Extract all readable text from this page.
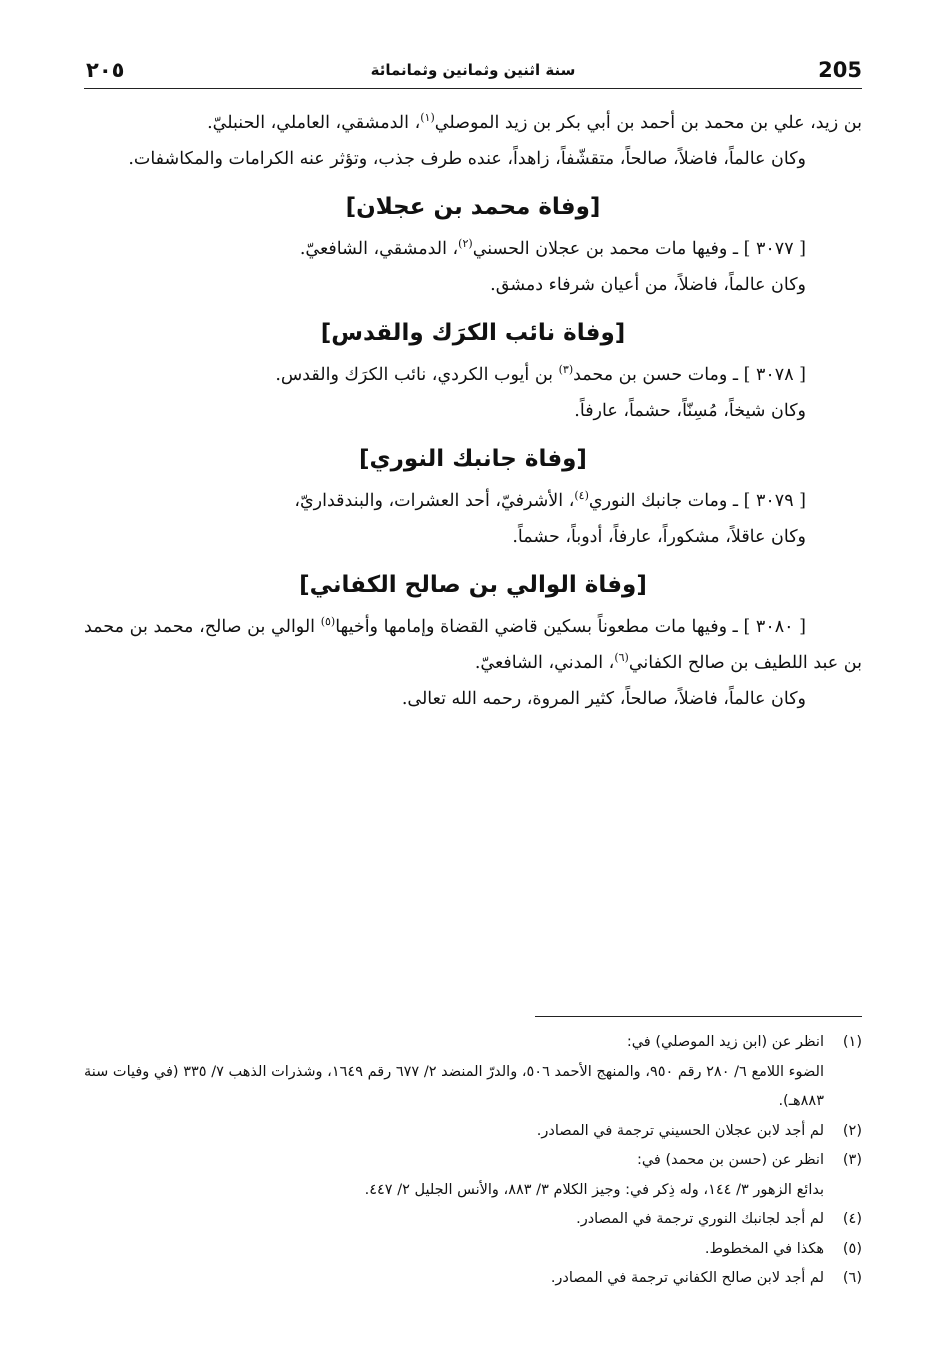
205
سنة اثنين وثمانين وثمانمائة
٢٠٥

بن زيد، علي بن محمد بن أحمد بن أبي بكر بن زيد الموصلي$^{(١)}$، الدمشقي، العاملي، الحنبليّ.

وكان عالماً، فاضلاً، صالحاً، متقشّفاً، زاهداً، عنده طرف جذب، وتؤثر عنه الكرامات والمكاشفات.

[وفاة محمد بن عجلان]

[ ٣٠٧٧ ] ـ وفيها مات محمد بن عجلان الحسني$^{(٢)}$، الدمشقي، الشافعيّ.

وكان عالماً، فاضلاً، من أعيان شرفاء دمشق.

[وفاة نائب الكرَك والقدس]

[ ٣٠٧٨ ] ـ ومات حسن بن محمد$^{(٣)}$ بن أيوب الكردي، نائب الكرَك والقدس.

وكان شيخاً، مُسِنّاً، حشماً، عارفاً.

[وفاة جانبك النوري]

[ ٣٠٧٩ ] ـ ومات جانبك النوري$^{(٤)}$، الأشرفيّ، أحد العشرات، والبندقداريّ،

وكان عاقلاً، مشكوراً، عارفاً، أدوباً، حشماً.

[وفاة الوالي بن صالح الكفاني]

[ ٣٠٨٠ ] ـ وفيها مات مطعوناً بسكين قاضي القضاة وإمامها وأخيها$^{(٥)}$ الوالي بن صالح، محمد بن محمد بن عبد اللطيف بن صالح الكفاني$^{(٦)}$، المدني، الشافعيّ.

وكان عالماً، فاضلاً، صالحاً، كثير المروة، رحمه الله تعالى.

(١)
انظر عن (ابن زيد الموصلي) في:
الضوء اللامع ٦/ ٢٨٠ رقم ٩٥٠، والمنهج الأحمد ٥٠٦، والدرّ المنضد ٢/ ٦٧٧ رقم ١٦٤٩، وشذرات الذهب ٧/ ٣٣٥ (في وفيات سنة ٨٨٣هـ).
(٢)
لم أجد لابن عجلان الحسيني ترجمة في المصادر.
(٣)
انظر عن (حسن بن محمد) في:
بدائع الزهور ٣/ ١٤٤، وله ذِكر في: وجيز الكلام ٣/ ٨٨٣، والأنس الجليل ٢/ ٤٤٧.
(٤)
لم أجد لجانبك النوري ترجمة في المصادر.
(٥)
هكذا في المخطوط.
(٦)
لم أجد لابن صالح الكفاني ترجمة في المصادر.
